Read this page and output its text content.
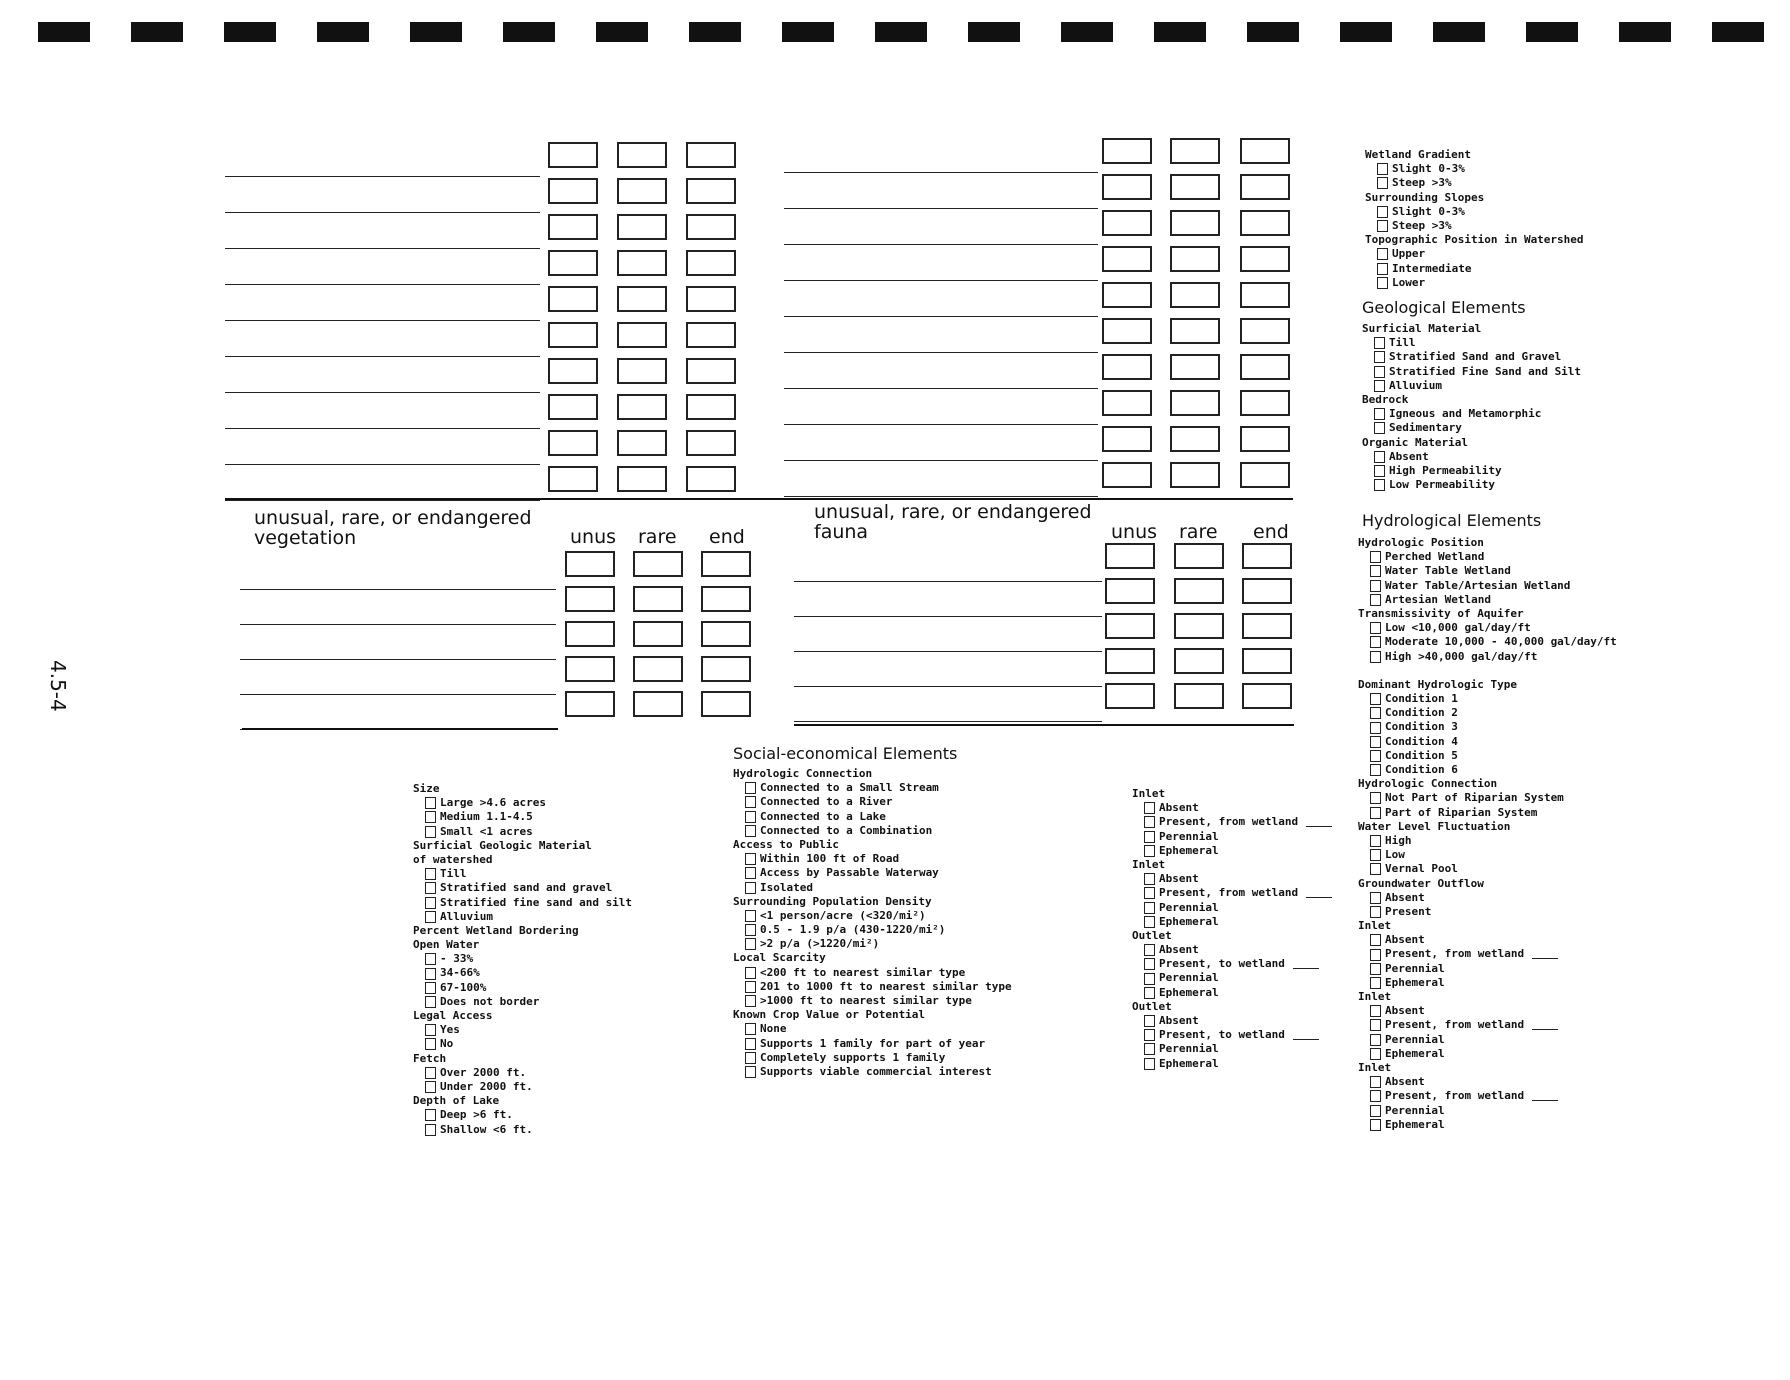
4.5-4
unusual, rare, or endangered
vegetation	unus rare end
unusual, rare, or endangered
fauna	unus rare end
Social-economical Elements
Geological Elements
Hydrological Elements
Size
Large >4.6 acres
Medium 1.1-4.5
Small <1 acres
Surficial Geologic Material
of watershed
Till
Stratified sand and gravel
Stratified fine sand and silt
Alluvium
Percent Wetland Bordering
Open Water
- 33%
34-66%
67-100%
Does not border
Legal Access
Yes
No
Fetch
Over 2000 ft.
Under 2000 ft.
Depth of Lake
Deep >6 ft.
Shallow <6 ft.
Hydrologic Connection
Connected to a Small Stream
Connected to a River
Connected to a Lake
Connected to a Combination
Access to Public
Within 100 ft of Road
Access by Passable Waterway
Isolated
Surrounding Population Density
<1 person/acre (<320/mi²)
0.5 - 1.9 p/a (430-1220/mi²)
>2 p/a (>1220/mi²)
Local Scarcity
<200 ft to nearest similar type
201 to 1000 ft to nearest similar type
>1000 ft to nearest similar type
Known Crop Value or Potential
None
Supports 1 family for part of year
Completely supports 1 family
Supports viable commercial interest
Inlet
Absent
Present, from wetland
Perennial
Ephemeral
Inlet
Absent
Present, from wetland
Perennial
Ephemeral
Outlet
Absent
Present, to wetland
Perennial
Ephemeral
Outlet
Absent
Present, to wetland
Perennial
Ephemeral
Wetland Gradient
Slight 0-3%
Steep >3%
Surrounding Slopes
Slight 0-3%
Steep >3%
Topographic Position in Watershed
Upper
Intermediate
Lower
Surficial Material
Till
Stratified Sand and Gravel
Stratified Fine Sand and Silt
Alluvium
Bedrock
Igneous and Metamorphic
Sedimentary
Organic Material
Absent
High Permeability
Low Permeability
Hydrologic Position
Perched Wetland
Water Table Wetland
Water Table/Artesian Wetland
Artesian Wetland
Transmissivity of Aquifer
Low <10,000 gal/day/ft
Moderate 10,000 - 40,000 gal/day/ft
High >40,000 gal/day/ft
Dominant Hydrologic Type
Condition 1
Condition 2
Condition 3
Condition 4
Condition 5
Condition 6
Hydrologic Connection
Not Part of Riparian System
Part of Riparian System
Water Level Fluctuation
High
Low
Vernal Pool
Groundwater Outflow
Absent
Present
Inlet
Absent
Present, from wetland
Perennial
Ephemeral
Inlet
Absent
Present, from wetland
Perennial
Ephemeral
Inlet
Absent
Present, from wetland
Perennial
Ephemeral
